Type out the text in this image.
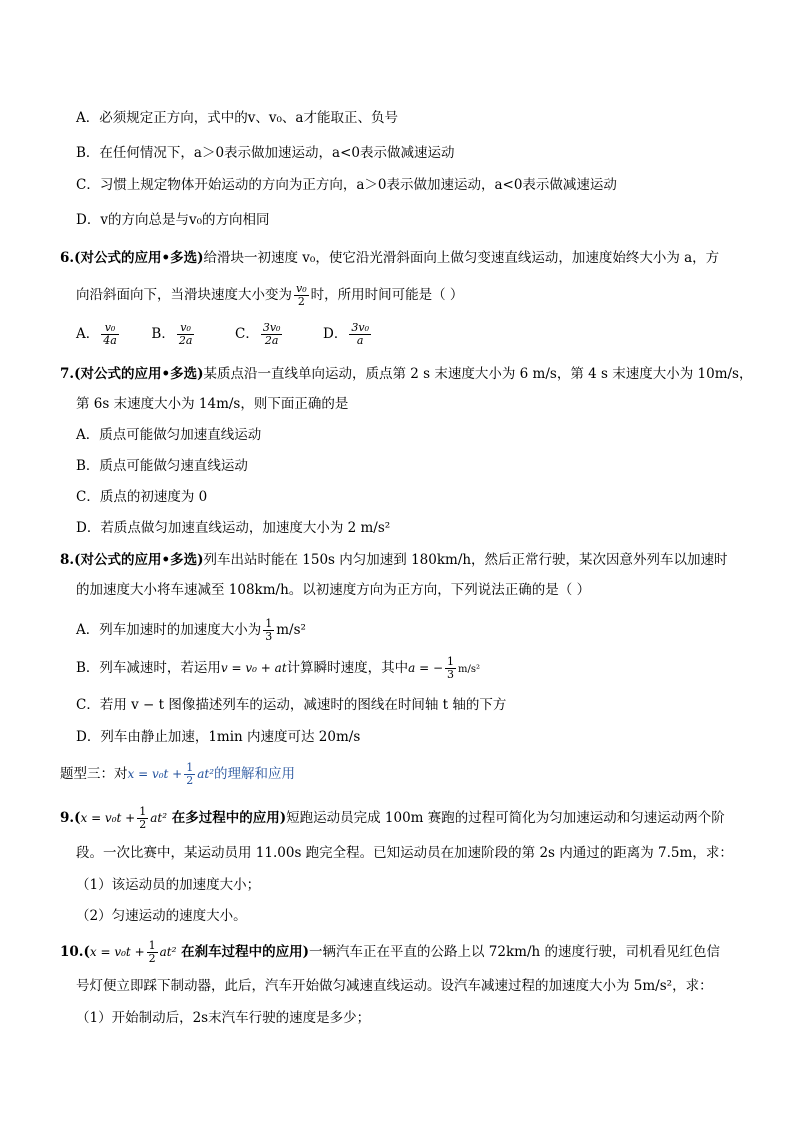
A．必须规定正方向，式中的v、v₀、a才能取正、负号
B．在任何情况下，a＞0表示做加速运动，a<0表示做减速运动
C．习惯上规定物体开始运动的方向为正方向，a＞0表示做加速运动，a<0表示做减速运动
D．v的方向总是与v₀的方向相同
6.(对公式的应用•多选)给滑块一初速度 v₀，使它沿光滑斜面向上做匀变速直线运动，加速度始终大小为 a，方
向沿斜面向下，当滑块速度大小变为 $\frac{\text{v₀}}{2}$ 时，所用时间可能是（ ）
A． $\frac{\text{v₀}}{4a}$ B． $\frac{\text{v₀}}{2a}$	C． $\frac{\text{3v₀}}{2a}$	D． $\frac{\text{3v₀}}{a}$
7.(对公式的应用•多选)某质点沿一直线单向运动，质点第 2 s 末速度大小为 6 m/s，第 4 s 末速度大小为 10m/s，
第 6s 末速度大小为 14m/s，则下面正确的是
A．质点可能做匀加速直线运动
B．质点可能做匀速直线运动
C．质点的初速度为 0
D．若质点做匀加速直线运动，加速度大小为 2 m/s²
8.(对公式的应用•多选)列车出站时能在 150s 内匀加速到 180km/h，然后正常行驶，某次因意外列车以加速时
的加速度大小将车速减至 108km/h。以初速度方向为正方向，下列说法正确的是（ ）
A．列车加速时的加速度大小为 $\frac{1}{3} m/s^2$
B．列车减速时，若运用v = v₀ + at计算瞬时速度，其中a = − $\frac{1}{3} m/s^2$
C．若用 v − t 图像描述列车的运动，减速时的图线在时间轴 t 轴的下方
D．列车由静止加速，1min 内速度可达 20m/s
题型三：对$x = v_0t + \frac{1}{2} at^2$的理解和应用
$9.(x = v_0t + \frac{1}{2} at^2$ 在多过程中的应用)短跑运动员完成 100m 赛跑的过程可简化为匀加速运动和匀速运动两个阶
段。一次比赛中，某运动员用 11.00s 跑完全程。已知运动员在加速阶段的第 2s 内通过的距离为 7.5m，求：
（1）该运动员的加速度大小；
（2）匀速运动的速度大小。
$10.(x = v_0t + \frac{1}{2} at^2$ 在刹车过程中的应用)一辆汽车正在平直的公路上以 72km/h 的速度行驶，司机看见红色信
号灯便立即踩下制动器，此后，汽车开始做匀减速直线运动。设汽车减速过程的加速度大小为 5m/s²，求：
（1）开始制动后，2s末汽车行驶的速度是多少；
